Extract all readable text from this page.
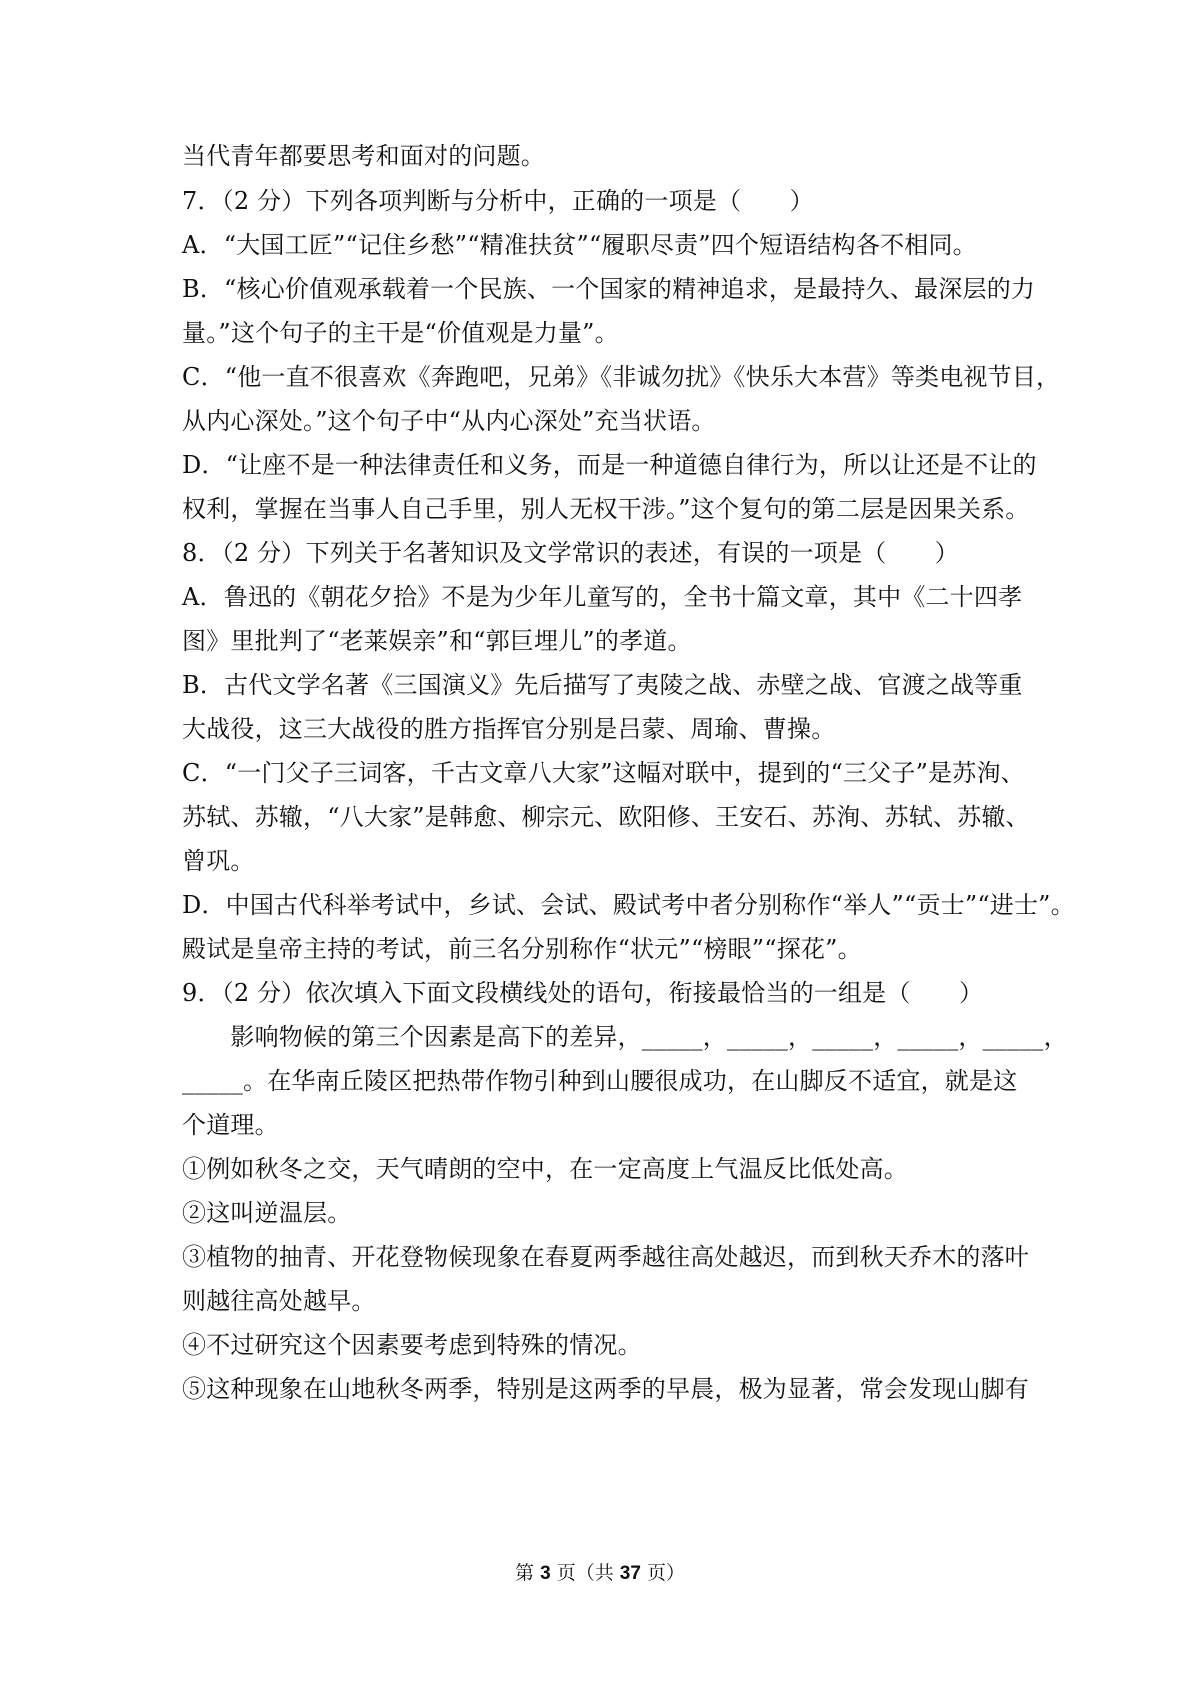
当代青年都要思考和面对的问题。
7．（2 分）下列各项判断与分析中，正确的一项是（　　）
A．“大国工匠”“记住乡愁”“精准扶贫”“履职尽责”四个短语结构各不相同。
B．“核心价值观承载着一个民族、一个国家的精神追求，是最持久、最深层的力
量。”这个句子的主干是“价值观是力量”。
C．“他一直不很喜欢《奔跑吧，兄弟》《非诚勿扰》《快乐大本营》等类电视节目，
从内心深处。”这个句子中“从内心深处”充当状语。
D．“让座不是一种法律责任和义务，而是一种道德自律行为，所以让还是不让的
权利，掌握在当事人自己手里，别人无权干涉。”这个复句的第二层是因果关系。
8．（2 分）下列关于名著知识及文学常识的表述，有误的一项是（　　）
A．鲁迅的《朝花夕拾》不是为少年儿童写的，全书十篇文章，其中《二十四孝
图》里批判了“老莱娱亲”和“郭巨埋儿”的孝道。
B．古代文学名著《三国演义》先后描写了夷陵之战、赤壁之战、官渡之战等重
大战役，这三大战役的胜方指挥官分别是吕蒙、周瑜、曹操。
C．“一门父子三词客，千古文章八大家”这幅对联中，提到的“三父子”是苏洵、
苏轼、苏辙，“八大家”是韩愈、柳宗元、欧阳修、王安石、苏洵、苏轼、苏辙、
曾巩。
D．中国古代科举考试中，乡试、会试、殿试考中者分别称作“举人”“贡士”“进士”。
殿试是皇帝主持的考试，前三名分别称作“状元”“榜眼”“探花”。
9．（2 分）依次填入下面文段横线处的语句，衔接最恰当的一组是（　　）
　　影响物候的第三个因素是高下的差异，_____，_____，_____，_____，_____，
_____。在华南丘陵区把热带作物引种到山腰很成功，在山脚反不适宜，就是这
个道理。
①例如秋冬之交，天气晴朗的空中，在一定高度上气温反比低处高。
②这叫逆温层。
③植物的抽青、开花登物候现象在春夏两季越往高处越迟，而到秋天乔木的落叶
则越往高处越早。
④不过研究这个因素要考虑到特殊的情况。
⑤这种现象在山地秋冬两季，特别是这两季的早晨，极为显著，常会发现山脚有
第 3 页（共 37 页）
